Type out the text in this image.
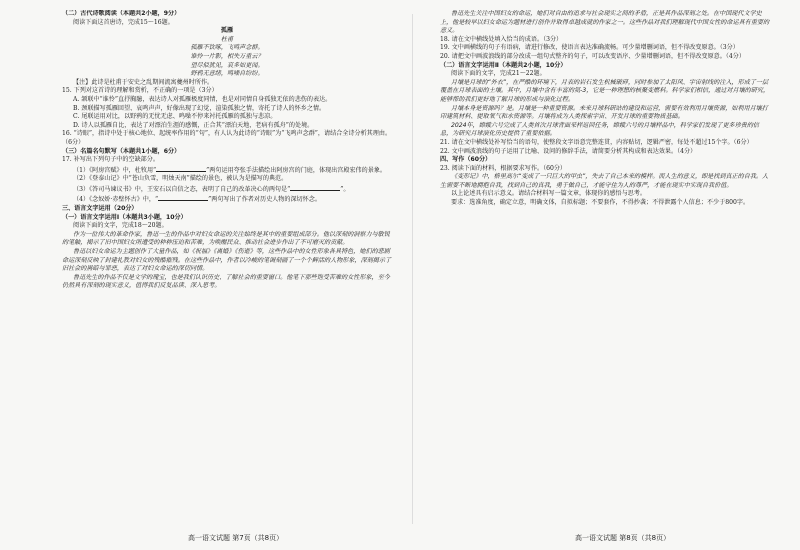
（二）古代诗歌阅读（本题共2小题，9分）

阅读下面这首唐诗，完成15～16题。

孤雁

杜甫

孤雁不饮啄，飞鸣声念群。

谁怜一片影，相失万重云？

望尽似犹见，哀多如更闻。

野鸦无意绪，鸣噪自纷纷。

【注】此诗是杜甫于安史之乱期间流寓夔州时所作。

15. 下列对这首诗的理解和赏析，不正确的一项是（3分）

A. 颔联中“谁怜”直抒胸臆，表达诗人对孤雁极度同情，也是对同情自身孤独无依的悲伤的表达。

B. 颈联描写孤雁回望、哀鸣声声，好像出现了幻觉，渲染孤独之情，寄托了诗人的怀乡之情。

C. 尾联运用对比，以野鸦的无忧无虑、鸣噪不停来衬托孤雁的孤独与悲凉。

D. 诗人以孤雁自比，表达了对漂泊生涯的感慨，正合其“漂泊天地，老病有孤舟”的处境。

16. “诗眼”，指诗中处于核心地位、起统率作用的“句”，有人认为此诗的“诗眼”为“飞鸣声念群”，请结合全诗分析其理由。（6分）

（三）名篇名句默写（本题共1小题，6分）

17. 补写出下列句子中的空缺部分。

（1）《阿房宫赋》中，杜牧用“	”两句运用夸张手法描绘出阿房宫的门庭，体现出宫殿宏伟的景象。

（2）《登泰山记》中“苍山负雪，明烛天南”描绘的景色，被认为是描写的典范。

（3）《答司马谏议书》中，王安石以自信之态，表明了自己的改革决心的两句是“	”。

（4）《念奴娇·赤壁怀古》中，“	”两句写出了作者对历史人物的深切怀念。

三、语言文字运用（20分）

（一）语言文字运用Ⅰ（本题共3小题，10分）

阅读下面的文字，完成18～20题。

作为一位伟大的革命作家，鲁迅一生的作品中对妇女命运的关注始终是其中的重要组成部分。他以深刻的洞察力与敏锐的笔触，揭示了旧中国妇女所遭受的种种压迫和苦难，为唤醒民众、推动社会进步作出了不可磨灭的贡献。

鲁迅以妇女命运为主题创作了大量作品，如《祝福》《离婚》《伤逝》等，这些作品中的女性形象各具特色，她们的悲剧命运深刻反映了封建礼教对妇女的残酷摧残。在这些作品中，作者以冷峻的笔调刻画了一个个鲜活的人物形象，深刻揭示了旧社会的黑暗与罪恶，表达了对妇女命运的深切同情。

鲁迅先生的作品不仅是文学的瑰宝，也是我们认识历史、了解社会的重要窗口。他笔下那些饱受苦难的女性形象，至今仍然具有深刻的现实意义，值得我们反复品读、深入思考。

高一语文试题 第7页（共8页）

鲁迅先生关注中国妇女的命运，她们对自由的追求与社会现实之间的矛盾，正是其作品深刻之处。在中国现代文学史上，他是较早以妇女命运为题材进行创作并取得卓越成就的作家之一。这些作品对我们理解现代中国女性的命运具有重要的意义。

18. 请在文中横线处填入恰当的成语。（3分）

19. 文中画横线的句子有语病，请进行修改，使语言表达准确流畅。可少量增删词语，但不得改变原意。（3分）

20. 请把文中画波浪线的部分改成一组句式整齐的句子，可以改变语序、少量增删词语，但不得改变原意。（4分）

（二）语言文字运用Ⅱ（本题共2小题，10分）

阅读下面的文字，完成21～22题。

月壤是月球的“外衣”，在严酷的环境下，月表的岩石发生机械破碎，同时参加了太阳风、宇宙射线的注入，形成了一层覆盖在月球表面的土壤。其中，月壤中含有丰富的氦-3，它是一种理想的核聚变燃料。科学家们相信，通过对月壤的研究，能够帮助我们更好地了解月球的形成与演化过程。

月壤本身是资源吗？是。月壤是一种重要资源。未来月球科研站的建设和运营，需要有效利用月壤资源，如利用月壤打印建筑材料、提取氧气和水资源等。月壤将成为人类探索宇宙、开发月球的重要物质基础。

2024年，嫦娥六号完成了人类首次月球背面采样返回任务，嫦娥六号的月壤样品中，科学家们发现了更多珍贵的信息，为研究月球演化历史提供了重要依据。

21. 请在文中横线处补写恰当的语句，使整段文字语意完整连贯，内容贴切，逻辑严密，每处不超过15个字。（6分）

22. 文中画波浪线的句子运用了比喻、设问的修辞手法，请简要分析其构成和表达效果。（4分）

四、写作（60分）

23. 阅读下面的材料，根据要求写作。（60分）

《变形记》中，格里高尔“变成了一只巨大的甲虫”，失去了自己本来的模样。而人生的意义，即是找到真正的自我。人生需要不断地拥抱自我，找到自己的真我，勇于做自己，才能守住为人的尊严，才能在现实中实现自我价值。

以上论述具有启示意义。请结合材料写一篇文章，体现你的感悟与思考。

要求：选准角度，确定立意，明确文体，自拟标题；不要套作，不得抄袭；不得泄露个人信息；不少于800字。

高一语文试题 第8页（共8页）
